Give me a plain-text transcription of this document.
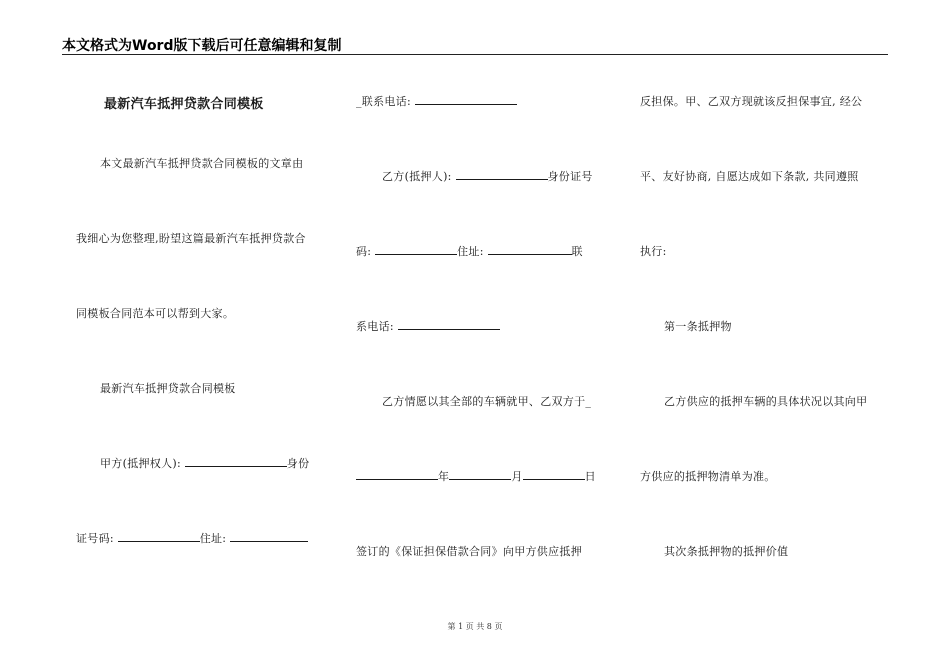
本文格式为Word版下载后可任意编辑和复制
最新汽车抵押贷款合同模板
本文最新汽车抵押贷款合同模板的文章由
我细心为您整理,盼望这篇最新汽车抵押贷款合
同模板合同范本可以帮到大家。
最新汽车抵押贷款合同模板
甲方(抵押权人):	身份
证号码:	住址:
_联系电话:
乙方(抵押人):	身份证号
码:	住址:	联
系电话:
乙方情愿以其全部的车辆就甲、乙双方于_
年	月	日
签订的《保证担保借款合同》向甲方供应抵押
反担保。甲、乙双方现就该反担保事宜, 经公
平、友好协商, 自愿达成如下条款, 共同遵照
执行:
第一条抵押物
乙方供应的抵押车辆的具体状况以其向甲
方供应的抵押物清单为准。
其次条抵押物的抵押价值
第 1 页 共 8 页
